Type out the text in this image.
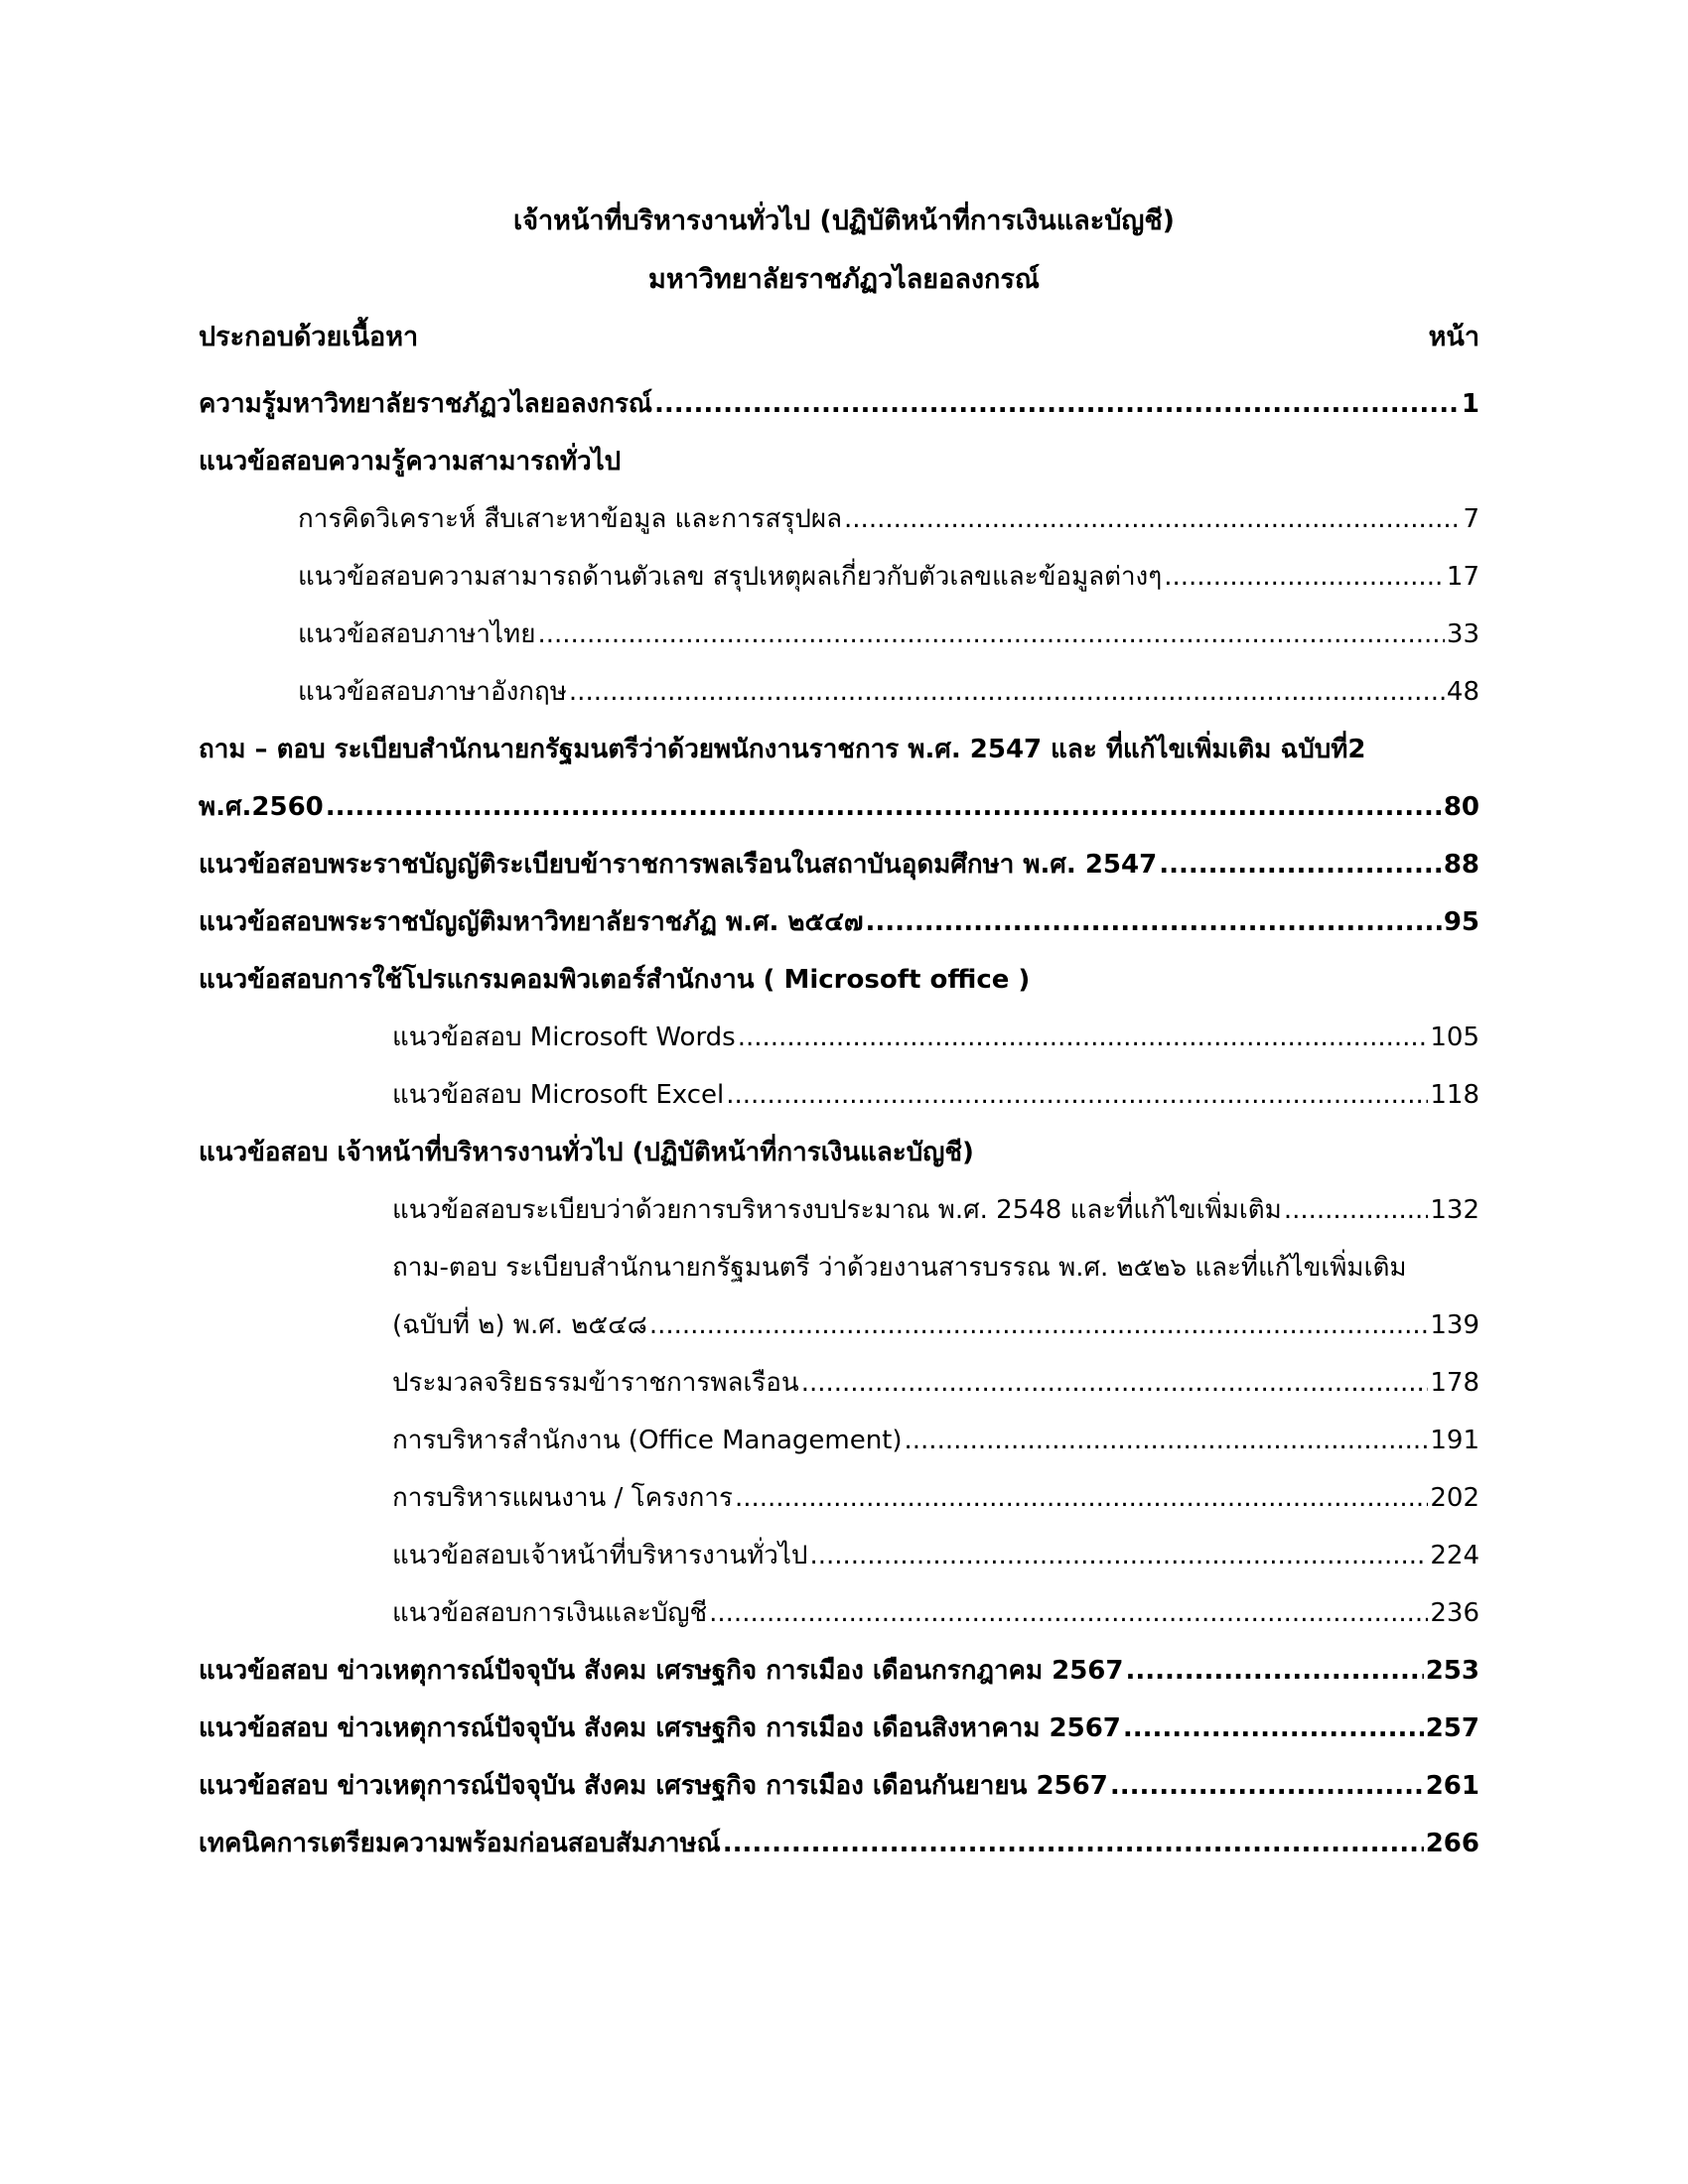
เจ้าหน้าที่บริหารงานทั่วไป (ปฏิบัติหน้าที่การเงินและบัญชี)
มหาวิทยาลัยราชภัฏวไลยอลงกรณ์
ประกอบด้วยเนื้อหา	หน้า
ความรู้มหาวิทยาลัยราชภัฏวไลยอลงกรณ์ .....	1
แนวข้อสอบความรู้ความสามารถทั่วไป
การคิดวิเคราะห์ สืบเสาะหาข้อมูล และการสรุปผล .....	7
แนวข้อสอบความสามารถด้านตัวเลข สรุปเหตุผลเกี่ยวกับตัวเลขและข้อมูลต่างๆ .....	17
แนวข้อสอบภาษาไทย .....	33
แนวข้อสอบภาษาอังกฤษ .....	48
ถาม – ตอบ ระเบียบสำนักนายกรัฐมนตรีว่าด้วยพนักงานราชการ พ.ศ. 2547 และ ที่แก้ไขเพิ่มเติม ฉบับที่2
พ.ศ.2560 .....	80
แนวข้อสอบพระราชบัญญัติระเบียบข้าราชการพลเรือนในสถาบันอุดมศึกษา พ.ศ. 2547 .....	88
แนวข้อสอบพระราชบัญญัติมหาวิทยาลัยราชภัฏ พ.ศ. ๒๕๔๗ .....	95
แนวข้อสอบการใช้โปรแกรมคอมพิวเตอร์สำนักงาน ( Microsoft office )
แนวข้อสอบ Microsoft Words .....	105
แนวข้อสอบ Microsoft Excel .....	118
แนวข้อสอบ เจ้าหน้าที่บริหารงานทั่วไป (ปฏิบัติหน้าที่การเงินและบัญชี)
แนวข้อสอบระเบียบว่าด้วยการบริหารงบประมาณ พ.ศ. 2548 และที่แก้ไขเพิ่มเติม .....	132
ถาม-ตอบ ระเบียบสำนักนายกรัฐมนตรี ว่าด้วยงานสารบรรณ พ.ศ. ๒๕๒๖ และที่แก้ไขเพิ่มเติม
(ฉบับที่ ๒) พ.ศ. ๒๕๔๘ .....	139
ประมวลจริยธรรมข้าราชการพลเรือน .....	178
การบริหารสำนักงาน (Office Management) .....	191
การบริหารแผนงาน / โครงการ .....	202
แนวข้อสอบเจ้าหน้าที่บริหารงานทั่วไป .....	224
แนวข้อสอบการเงินและบัญชี .....	236
แนวข้อสอบ ข่าวเหตุการณ์ปัจจุบัน สังคม เศรษฐกิจ การเมือง เดือนกรกฎาคม 2567 .....	253
แนวข้อสอบ ข่าวเหตุการณ์ปัจจุบัน สังคม เศรษฐกิจ การเมือง เดือนสิงหาคาม 2567 .....	257
แนวข้อสอบ ข่าวเหตุการณ์ปัจจุบัน สังคม เศรษฐกิจ การเมือง เดือนกันยายน 2567 .....	261
เทคนิคการเตรียมความพร้อมก่อนสอบสัมภาษณ์ .....	266
